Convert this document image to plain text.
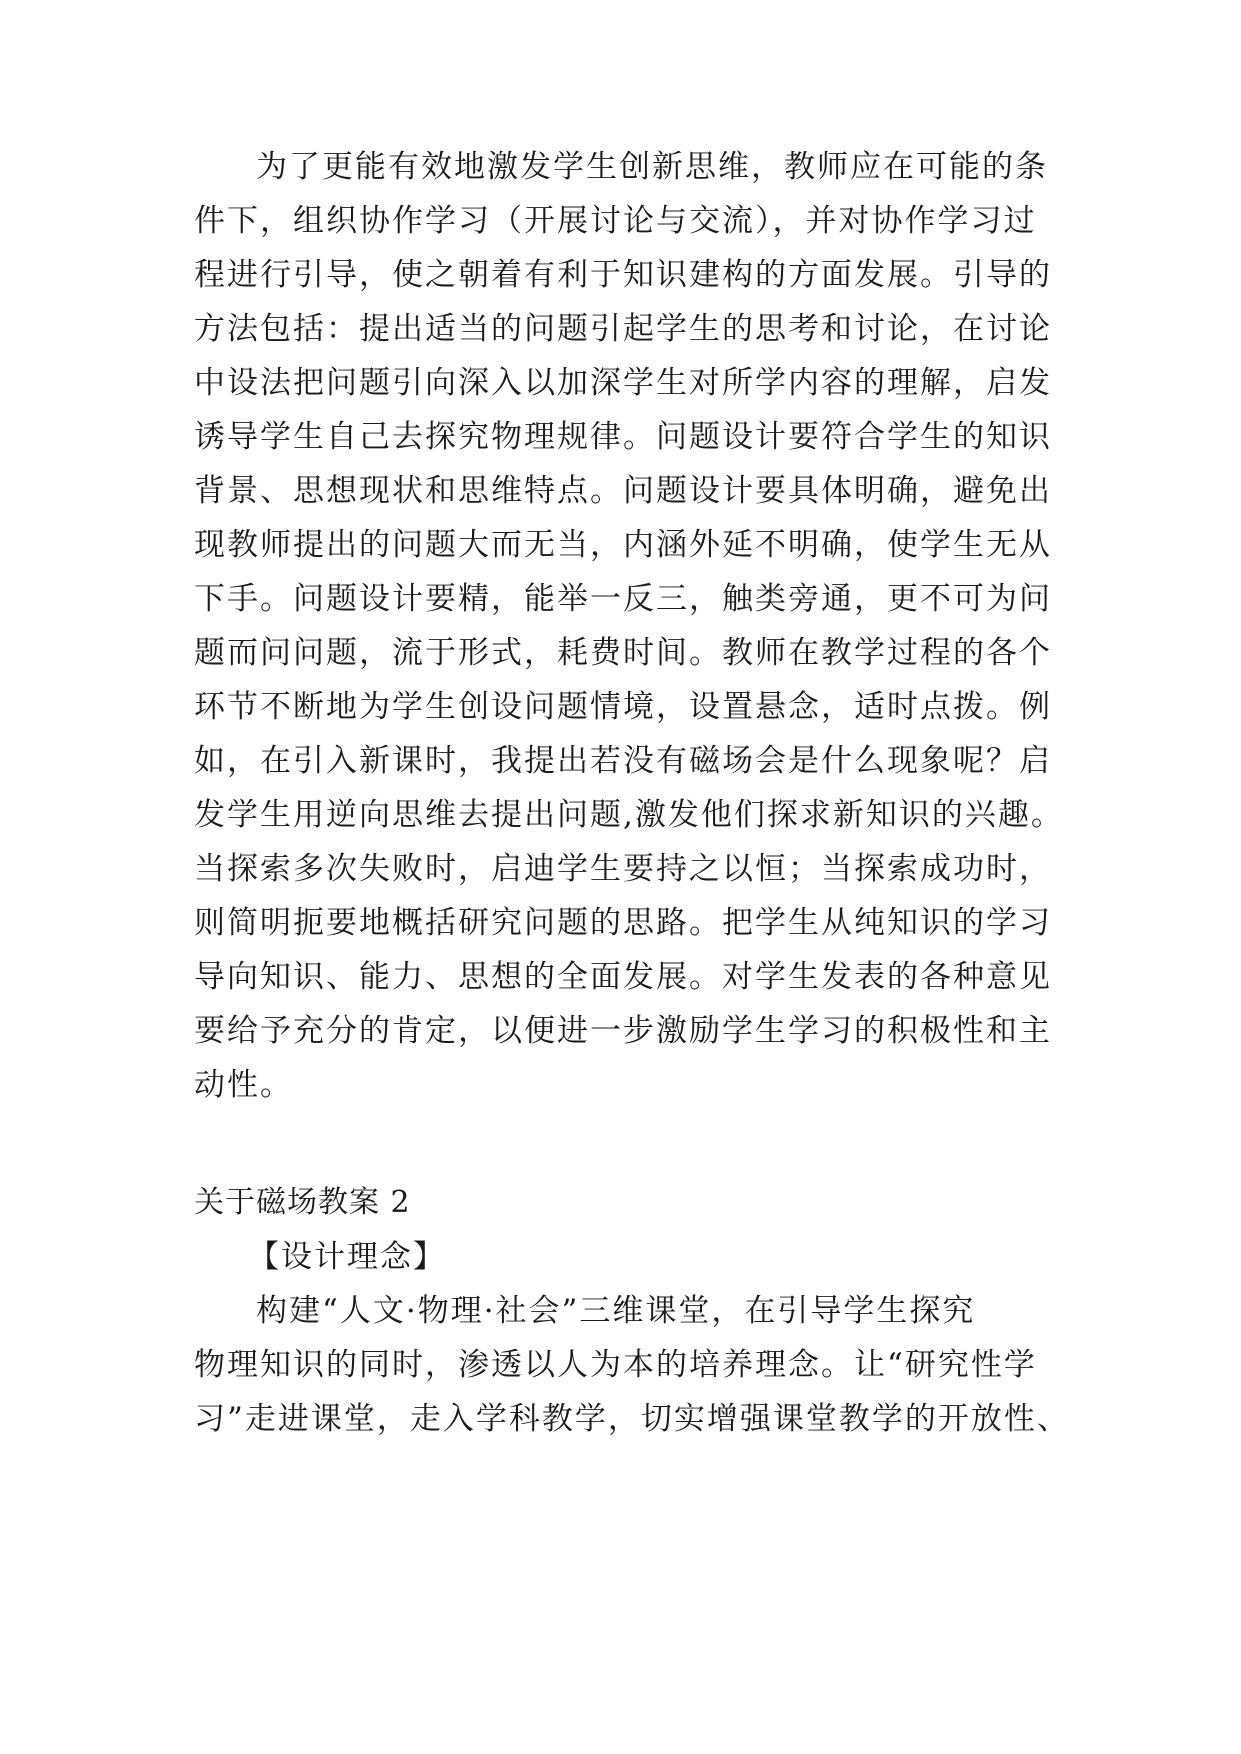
为了更能有效地激发学生创新思维，教师应在可能的条
件下，组织协作学习（开展讨论与交流），并对协作学习过
程进行引导，使之朝着有利于知识建构的方面发展。引导的
方法包括：提出适当的问题引起学生的思考和讨论，在讨论
中设法把问题引向深入以加深学生对所学内容的理解，启发
诱导学生自己去探究物理规律。问题设计要符合学生的知识
背景、思想现状和思维特点。问题设计要具体明确，避免出
现教师提出的问题大而无当，内涵外延不明确，使学生无从
下手。问题设计要精，能举一反三，触类旁通，更不可为问
题而问问题，流于形式，耗费时间。教师在教学过程的各个
环节不断地为学生创设问题情境，设置悬念，适时点拨。例
如，在引入新课时，我提出若没有磁场会是什么现象呢？启
发学生用逆向思维去提出问题,激发他们探求新知识的兴趣。
当探索多次失败时，启迪学生要持之以恒；当探索成功时，
则简明扼要地概括研究问题的思路。把学生从纯知识的学习
导向知识、能力、思想的全面发展。对学生发表的各种意见
要给予充分的肯定，以便进一步激励学生学习的积极性和主
动性。
关于磁场教案 2
【设计理念】
构建“人文·物理·社会”三维课堂，在引导学生探究
物理知识的同时，渗透以人为本的培养理念。让“研究性学
习”走进课堂，走入学科教学，切实增强课堂教学的开放性、
